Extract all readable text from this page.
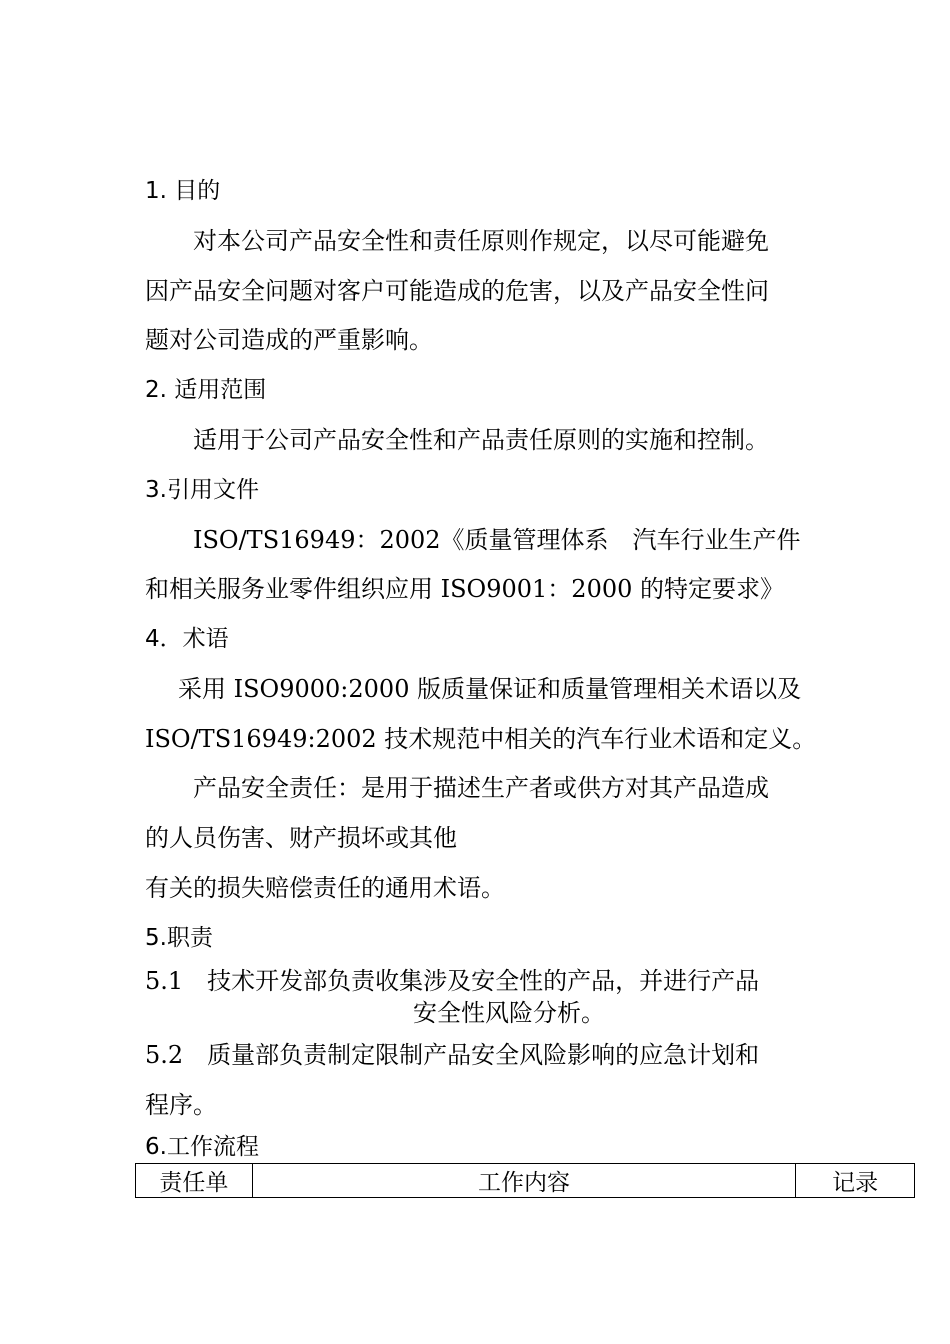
1. 目的
对本公司产品安全性和责任原则作规定，以尽可能避免
因产品安全问题对客户可能造成的危害，以及产品安全性问
题对公司造成的严重影响。
2. 适用范围
适用于公司产品安全性和产品责任原则的实施和控制。
3.引用文件
ISO/TS16949：2002《质量管理体系　汽车行业生产件
和相关服务业零件组织应用 ISO9001：2000 的特定要求》
4．术语
采用 ISO9000:2000 版质量保证和质量管理相关术语以及
ISO/TS16949:2002 技术规范中相关的汽车行业术语和定义。
产品安全责任：是用于描述生产者或供方对其产品造成
的人员伤害、财产损坏或其他
有关的损失赔偿责任的通用术语。
5.职责
5.1　技术开发部负责收集涉及安全性的产品，并进行产品
安全性风险分析。
5.2　质量部负责制定限制产品安全风险影响的应急计划和
程序。
6.工作流程
责任单	工作内容	记录
